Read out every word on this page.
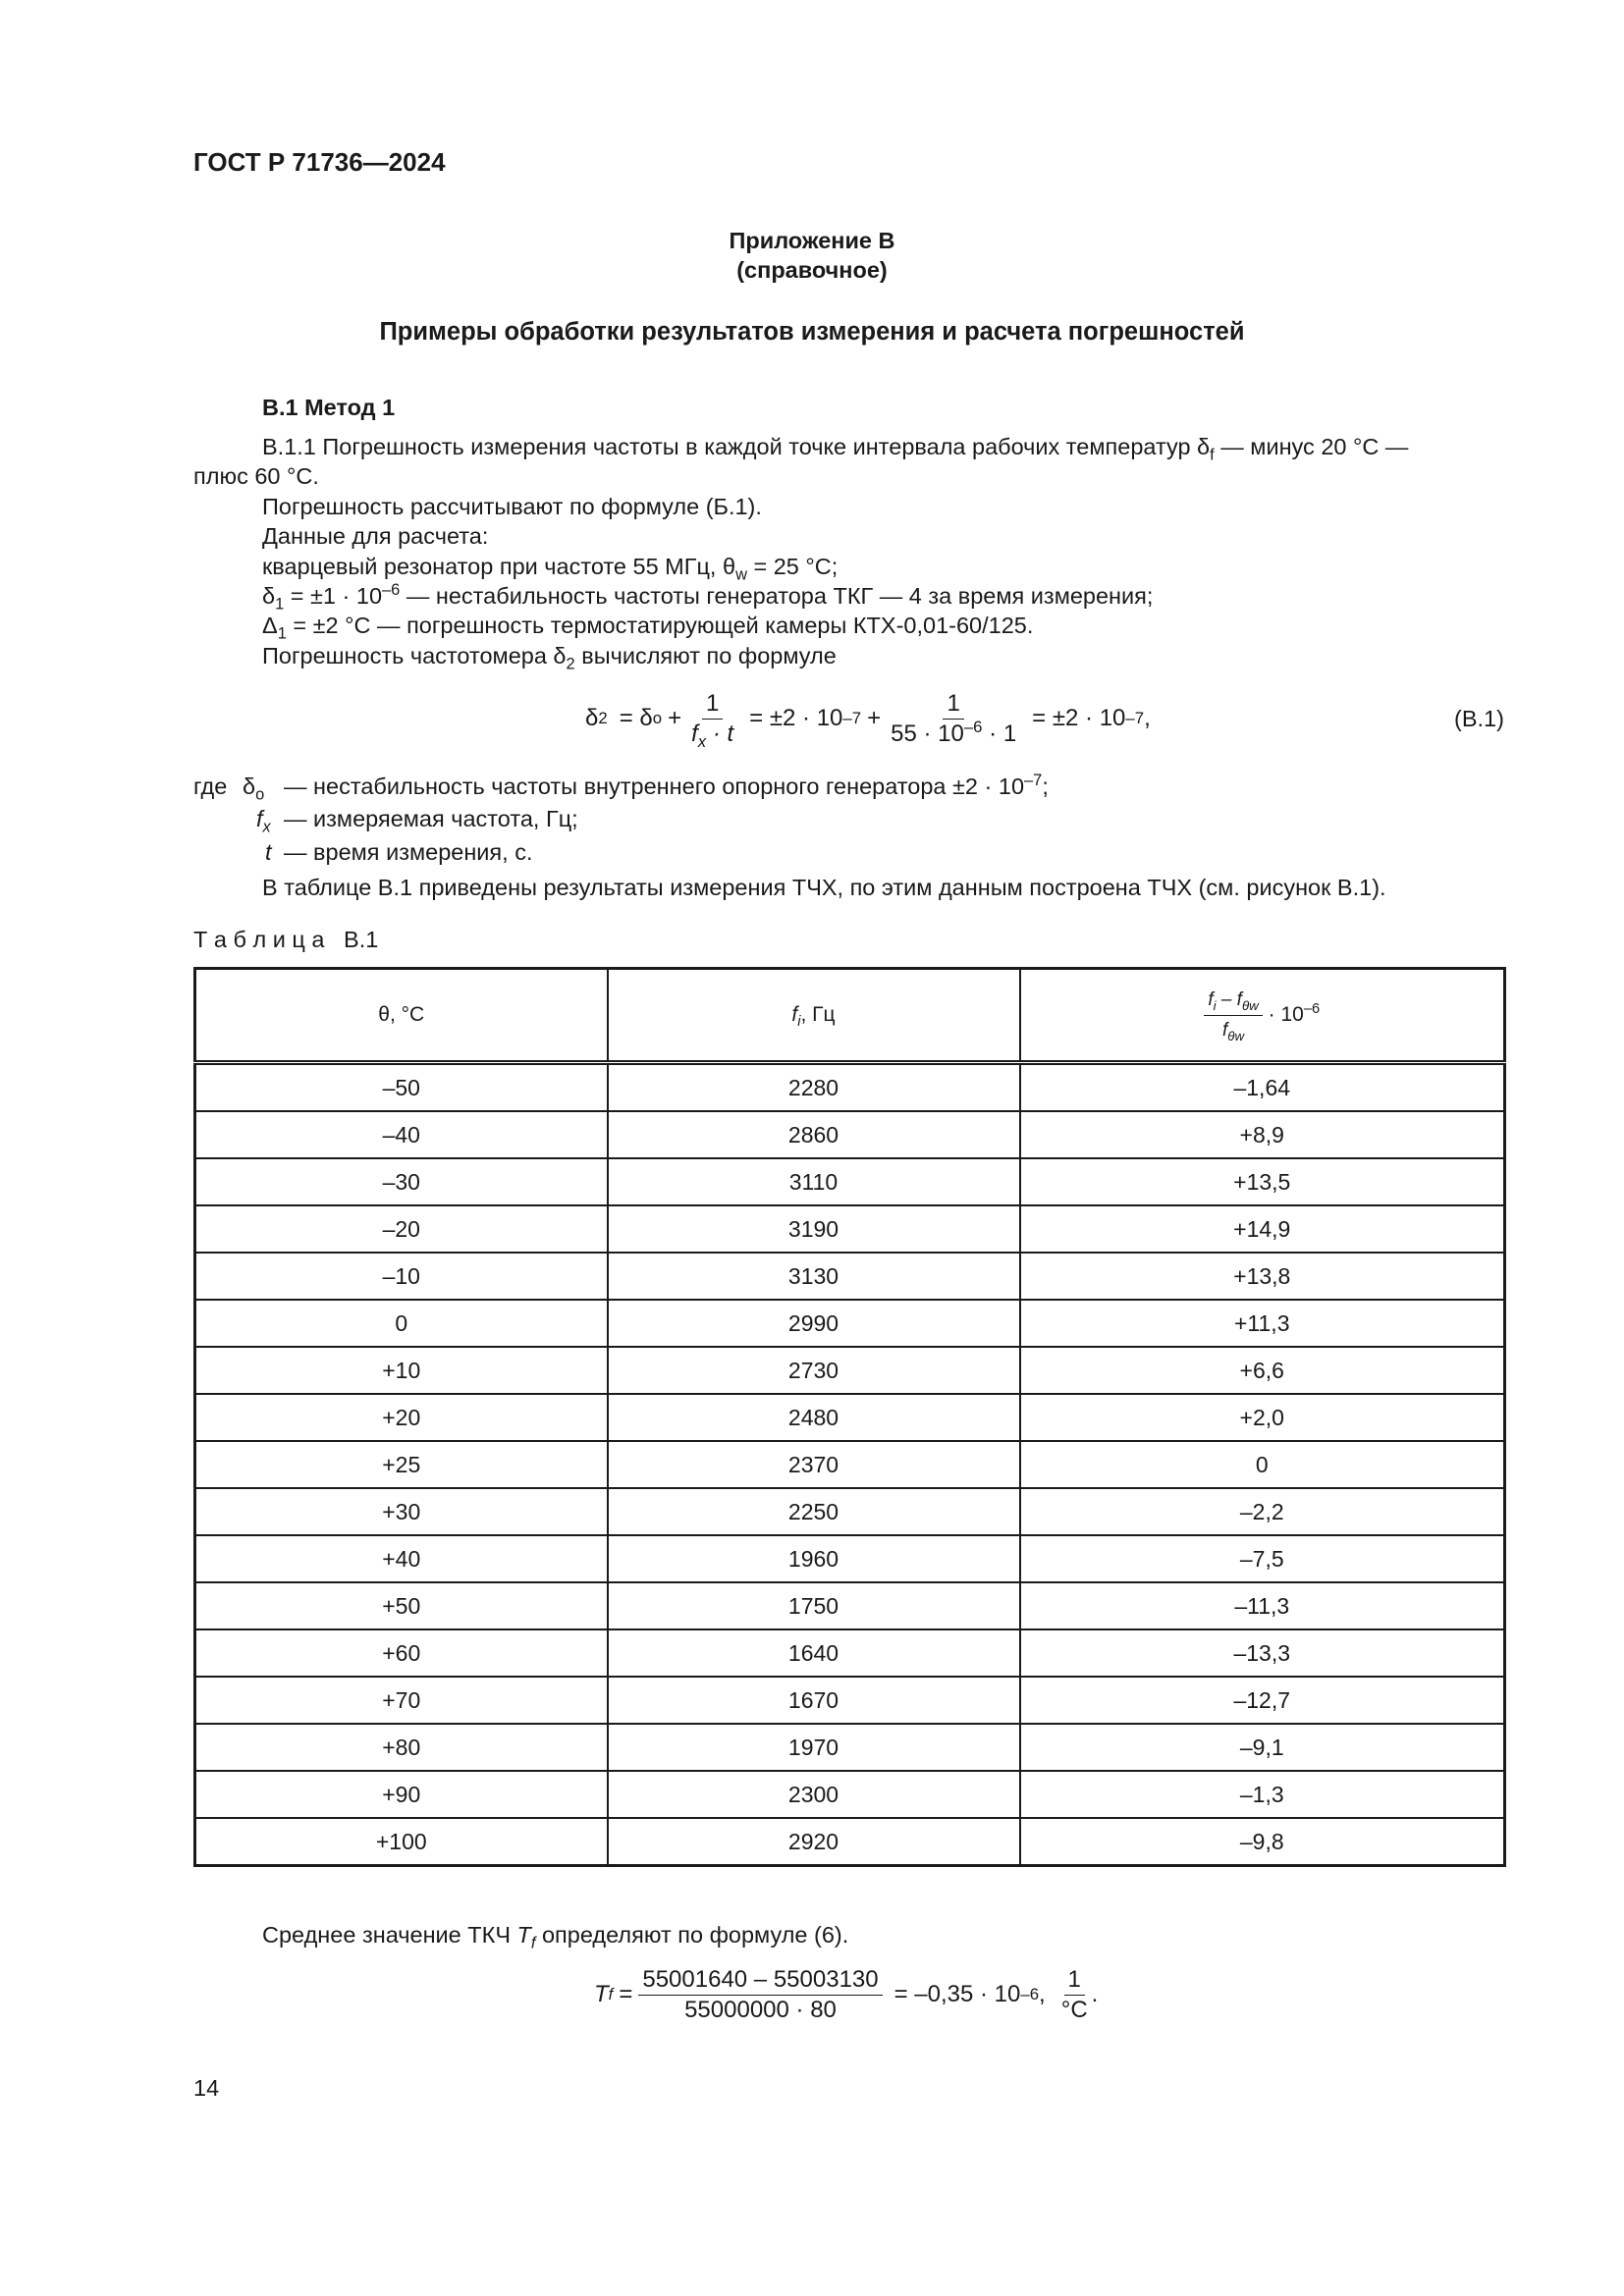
ГОСТ Р 71736—2024
Приложение В
(справочное)
Примеры обработки результатов измерения и расчета погрешностей
В.1 Метод 1
В.1.1 Погрешность измерения частоты в каждой точке интервала рабочих температур $\delta_f$ — минус 20 °С —
плюс 60 °С.
Погрешность рассчитывают по формуле (Б.1).
Данные для расчета:
кварцевый резонатор при частоте 55 МГц, $\theta_w = 25$ °С;
$\delta_1 = \pm 1 \cdot 10^{-6}$ — нестабильность частоты генератора ТКГ — 4 за время измерения;
$\Delta_1 = \pm 2$ °С — погрешность термостатирующей камеры КТХ-0,01-60/125.
Погрешность частотомера $\delta_2$ вычисляют по формуле
δ 2 = δ $o + \frac{1}{f_x \cdot t} = \pm 2 \cdot 10$ $-7 + \frac{1}{55 \cdot 10^{-6} \cdot 1} = \pm 2 \cdot 10$ –7 ,	(В.1)
где $\delta_o$ — нестабильность частоты внутреннего опорного генератора $\pm 2 \cdot 10^{-7}$;
$f_x$ — измеряемая частота, Гц;
t — время измерения, с.
В таблице В.1 приведены результаты измерения ТЧХ, по этим данным построена ТЧХ (см. рисунок В.1).
Т а б л и ц а   В.1
θ, °С	$f_i$, Гц	$\frac{f_i - f_{\theta w}}{f_{\theta w}} \cdot 10^{-6}$
–50	2280	–1,64
–40	2860	+8,9
–30	3110	+13,5
–20	3190	+14,9
–10	3130	+13,8
0	2990	+11,3
+10	2730	+6,6
+20	2480	+2,0
+25	2370	0
+30	2250	–2,2
+40	1960	–7,5
+50	1750	–11,3
+60	1640	–13,3
+70	1670	–12,7
+80	1970	–9,1
+90	2300	–1,3
+100	2920	–9,8
Среднее значение ТКЧ $T_f$ определяют по формуле (6).
T $f = \frac{55001640 - 55003130}{55000000 \cdot 80} = -0,35 \cdot 10$ –6 , $\frac{1}{^\circ С}$ .
14
